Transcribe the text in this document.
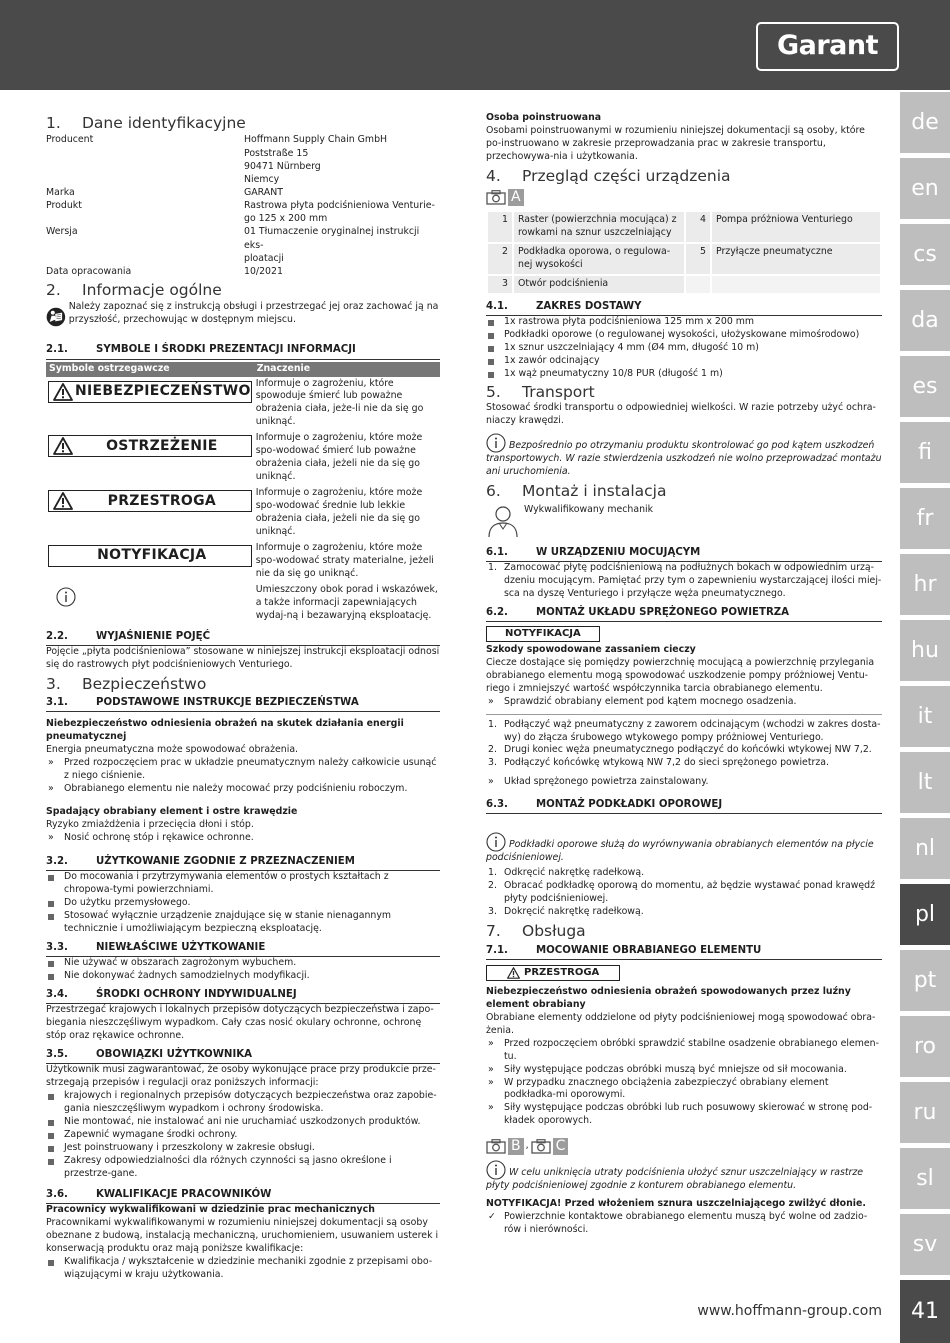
Garant
de
en
cs
da
es
fi
fr
hr
hu
it
lt
nl
pl
pt
ro
ru
sl
sv
41
www.hoffmann-group.com
1. Dane identyfikacyjne
Producent	Hoffmann Supply Chain GmbH
Poststraße 15
90471 Nürnberg
Niemcy
Marka	GARANT
Produkt	Rastrowa płyta podciśnieniowa Venturie-
go 125 x 200 mm
Wersja	01 Tłumaczenie oryginalnej instrukcji eks-
ploatacji
Data opracowania	10/2021
2. Informacje ogólne

Należy zapoznać się z instrukcją obsługi i przestrzegać jej oraz zachować ją na przyszłość, przechowując w dostępnym miejscu.

2.1.	SYMBOLE I ŚRODKI PREZENTACJI INFORMACJI
Symbole ostrzegawcze	Znaczenie

NIEBEZPIECZEŃSTWO	Informuje o zagrożeniu, które spowoduje śmierć lub poważne obrażenia ciała, jeże-li nie da się go uniknąć.

OSTRZEŻENIE	Informuje o zagrożeniu, które może spo-wodować śmierć lub poważne obrażenia ciała, jeżeli nie da się go uniknąć.

PRZESTROGA	Informuje o zagrożeniu, które może spo-wodować średnie lub lekkie obrażenia ciała, jeżeli nie da się go uniknąć.

NOTYFIKACJA	Informuje o zagrożeniu, które może spo-wodować straty materialne, jeżeli nie da się go uniknąć.
	Umieszczony obok porad i wskazówek, a także informacji zapewniających wydaj-ną i bezawaryjną eksploatację.
2.2.	WYJAŚNIENIE POJĘĆ

Pojęcie „płyta podciśnieniowa” stosowane w niniejszej instrukcji eksploatacji odnosi się do rastrowych płyt podciśnieniowych Venturiego.

3. Bezpieczeństwo
3.1.	PODSTAWOWE INSTRUKCJE BEZPIECZEŃSTWA

Niebezpieczeństwo odniesienia obrażeń na skutek działania energii pneumatycznej

Energia pneumatyczna może spowodować obrażenia.

» Przed rozpoczęciem prac w układzie pneumatycznym należy całkowicie usunąć z niego ciśnienie.
» Obrabianego elementu nie należy mocować przy podciśnieniu roboczym.

Spadający obrabiany element i ostre krawędzie

Ryzyko zmiażdżenia i przecięcia dłoni i stóp.

» Nosić ochronę stóp i rękawice ochronne.
3.2.	UŻYTKOWANIE ZGODNIE Z PRZEZNACZENIEM
Do mocowania i przytrzymywania elementów o prostych kształtach z chropowa-tymi powierzchniami.
Do użytku przemysłowego.
Stosować wyłącznie urządzenie znajdujące się w stanie nienagannym technicznie i umożliwiającym bezpieczną eksploatację.
3.3.	NIEWŁAŚCIWE UŻYTKOWANIE
Nie używać w obszarach zagrożonym wybuchem.
Nie dokonywać żadnych samodzielnych modyfikacji.
3.4.	ŚRODKI OCHRONY INDYWIDUALNEJ

Przestrzegać krajowych i lokalnych przepisów dotyczących bezpieczeństwa i zapo-biegania nieszczęśliwym wypadkom. Cały czas nosić okulary ochronne, ochronę stóp oraz rękawice ochronne.

3.5.	OBOWIĄZKI UŻYTKOWNIKA

Użytkownik musi zagwarantować, że osoby wykonujące prace przy produkcie prze-strzegają przepisów i regulacji oraz poniższych informacji:

krajowych i regionalnych przepisów dotyczących bezpieczeństwa oraz zapobie-gania nieszczęśliwym wypadkom i ochrony środowiska.
Nie montować, nie instalować ani nie uruchamiać uszkodzonych produktów.
Zapewnić wymagane środki ochrony.
Jest poinstruowany i przeszkolony w zakresie obsługi.
Zakresy odpowiedzialności dla różnych czynności są jasno określone i przestrze-gane.
3.6.	KWALIFIKACJE PRACOWNIKÓW

Pracownicy wykwalifikowani w dziedzinie prac mechanicznych

Pracownikami wykwalifikowanymi w rozumieniu niniejszej dokumentacji są osoby obeznane z budową, instalacją mechaniczną, uruchomieniem, usuwaniem usterek i konserwacją produktu oraz mają poniższe kwalifikacje:

Kwalifikacja / wykształcenie w dziedzinie mechaniki zgodnie z przepisami obo-wiązującymi w kraju użytkowania.

Osoba poinstruowana

Osobami poinstruowanymi w rozumieniu niniejszej dokumentacji są osoby, które po-instruowano w zakresie przeprowadzania prac w zakresie transportu, przechowywa-nia i użytkowania.

4. Przegląd części urządzenia
A
1	Raster (powierzchnia mocująca) z rowkami na sznur uszczelniający	4	Pompa próżniowa Venturiego
2	Podkładka oporowa, o regulowa-nej wysokości	5	Przyłącze pneumatyczne
3	Otwór podciśnienia		
4.1.	ZAKRES DOSTAWY
1x rastrowa płyta podciśnieniowa 125 mm x 200 mm
Podkładki oporowe (o regulowanej wysokości, ułożyskowane mimośrodowo)
1x sznur uszczelniający 4 mm (Ø4 mm, długość 10 m)
1x zawór odcinający
1x wąż pneumatyczny 10/8 PUR (długość 1 m)
5. Transport

Stosować środki transportu o odpowiedniej wielkości. W razie potrzeby użyć ochra-niaczy krawędzi.

Bezpośrednio po otrzymaniu produktu skontrolować go pod kątem uszkodzeń transportowych. W razie stwierdzenia uszkodzeń nie wolno przeprowadzać montażu ani uruchomienia.
6. Montaż i instalacja
Wykwalifikowany mechanik
6.1.	W URZĄDZENIU MOCUJĄCYM
1. Zamocować płytę podciśnieniową na podłużnych bokach w odpowiednim urzą-dzeniu mocującym. Pamiętać przy tym o zapewnieniu wystarczającej ilości miej-sca na dyszę Venturiego i przyłącze węża pneumatycznego.
6.2.	MONTAŻ UKŁADU SPRĘŻONEGO POWIETRZA
NOTYFIKACJA

Szkody spowodowane zassaniem cieczy

Ciecze dostające się pomiędzy powierzchnię mocującą a powierzchnię przylegania obrabianego elementu mogą spowodować uszkodzenie pompy próżniowej Ventu-riego i zmniejszyć wartość współczynnika tarcia obrabianego elementu.

» Sprawdzić obrabiany element pod kątem mocnego osadzenia.
1. Podłączyć wąż pneumatyczny z zaworem odcinającym (wchodzi w zakres dosta-wy) do złącza śrubowego wtykowego pompy próżniowej Venturiego.
2. Drugi koniec węża pneumatycznego podłączyć do końcówki wtykowej NW 7,2.
3. Podłączyć końcówkę wtykową NW 7,2 do sieci sprężonego powietrza.
» Układ sprężonego powietrza zainstalowany.
6.3.	MONTAŻ PODKŁADKI OPOROWEJ
Podkładki oporowe służą do wyrównywania obrabianych elementów na płycie podciśnieniowej.
1. Odkręcić nakrętkę radełkową.
2. Obracać podkładkę oporową do momentu, aż będzie wystawać ponad krawędź płyty podciśnieniowej.
3. Dokręcić nakrętkę radełkową.
7. Obsługa
7.1.	MOCOWANIE OBRABIANEGO ELEMENTU
PRZESTROGA

Niebezpieczeństwo odniesienia obrażeń spowodowanych przez luźny element obrabiany

Obrabiane elementy oddzielone od płyty podciśnieniowej mogą spowodować obra-żenia.

» Przed rozpoczęciem obróbki sprawdzić stabilne osadzenie obrabianego elemen-tu.
» Siły występujące podczas obróbki muszą być mniejsze od sił mocowania.
» W przypadku znacznego obciążenia zabezpieczyć obrabiany element podkładka-mi oporowymi.
» Siły występujące podczas obróbki lub ruch posuwowy skierować w stronę pod-kładek oporowych.
B , C
W celu uniknięcia utraty podciśnienia ułożyć sznur uszczelniający w rastrze płyty podciśnieniowej zgodnie z konturem obrabianego elementu.

NOTYFIKACJA! Przed włożeniem sznura uszczelniającego zwilżyć dłonie.

✓ Powierzchnie kontaktowe obrabianego elementu muszą być wolne od zadzio-rów i nierówności.
